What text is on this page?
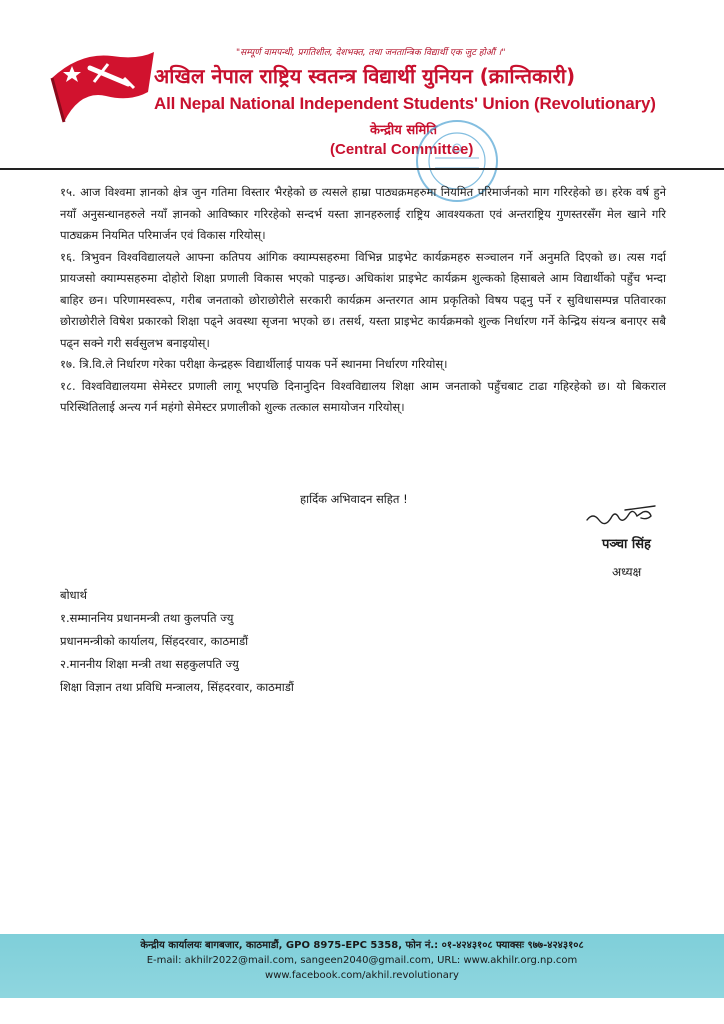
"सम्पूर्ण वामपन्थी, प्रगतिशील, देशभक्त, तथा जनतान्त्रिक विद्यार्थी एक जुट होऔं ।"
अखिल नेपाल राष्ट्रिय स्वतन्त्र विद्यार्थी युनियन (क्रान्तिकारी)
All Nepal National Independent Students' Union (Revolutionary)
केन्द्रीय समिति
(Central Committee)

१५. आज विश्वमा ज्ञानको क्षेत्र जुन गतिमा विस्तार भैरहेको छ त्यसले हाम्रा पाठ्यक्रमहरुमा नियमित परिमार्जनको माग गरिरहेको छ। हरेक वर्ष हुने नयाँ अनुसन्धानहरुले नयाँ ज्ञानको आविष्कार गरिरहेको सन्दर्भ यस्ता ज्ञानहरुलाई राष्ट्रिय आवश्यकता एवं अन्तराष्ट्रिय गुणस्तरसँग मेल खाने गरि पाठ्यक्रम नियमित परिमार्जन एवं विकास गरियोस्।

१६. त्रिभुवन विश्वविद्यालयले आफ्ना कतिपय आंगिक क्याम्पसहरुमा विभिन्न प्राइभेट कार्यक्रमहरु सञ्चालन गर्ने अनुमति दिएको छ। त्यस गर्दा प्रायजसो क्याम्पसहरुमा दोहोरो शिक्षा प्रणाली विकास भएको पाइन्छ। अधिकांश प्राइभेट कार्यक्रम शुल्कको हिसाबले आम विद्यार्थीको पहुँच भन्दा बाहिर छन। परिणामस्वरूप, गरीब जनताको छोराछोरीले सरकारी कार्यक्रम अन्तरगत आम प्रकृतिको विषय पढ्नु पर्ने र सुविधासम्पन्न पतिवारका छोराछोरीले विषेश प्रकारको शिक्षा पढ्ने अवस्था सृजना भएको छ। तसर्थ, यस्ता प्राइभेट कार्यक्रमको शुल्क निर्धारण गर्ने केन्द्रिय संयन्त्र बनाएर सबै पढ्न सक्ने गरी सर्वसुलभ बनाइयोस्।

१७. त्रि.वि.ले निर्धारण गरेका परीक्षा केन्द्रहरू विद्यार्थीलाई पायक पर्ने स्थानमा निर्धारण गरियोस्।

१८. विश्वविद्यालयमा सेमेस्टर प्रणाली लागू भएपछि दिनानुदिन विश्वविद्यालय शिक्षा आम जनताको पहुँचबाट टाढा गहिरहेको छ। यो बिकराल परिस्थितिलाई अन्त्य गर्न महंगो सेमेस्टर प्रणालीको शुल्क तत्काल समायोजन गरियोस्।

हार्दिक अभिवादन सहित !
पञ्चा सिंह
अध्यक्ष
बोधार्थ
१.सम्माननिय प्रधानमन्त्री तथा कुलपति ज्यु
प्रधानमन्त्रीको कार्यालय, सिंहदरवार, काठमाडौं
२.माननीय शिक्षा मन्त्री तथा सहकुलपति ज्यु
शिक्षा विज्ञान तथा प्रविधि मन्त्रालय, सिंहदरवार, काठमाडौं
केन्द्रीय कार्यालयः बागबजार, काठमाडौं, GPO 8975-EPC 5358, फोन नं.: ०१-४२४३१०८ फ्याक्सः ९७७-४२४३१०८
E-mail: akhilr2022@mail.com, sangeen2040@gmail.com, URL: www.akhilr.org.np.com
www.facebook.com/akhil.revolutionary
